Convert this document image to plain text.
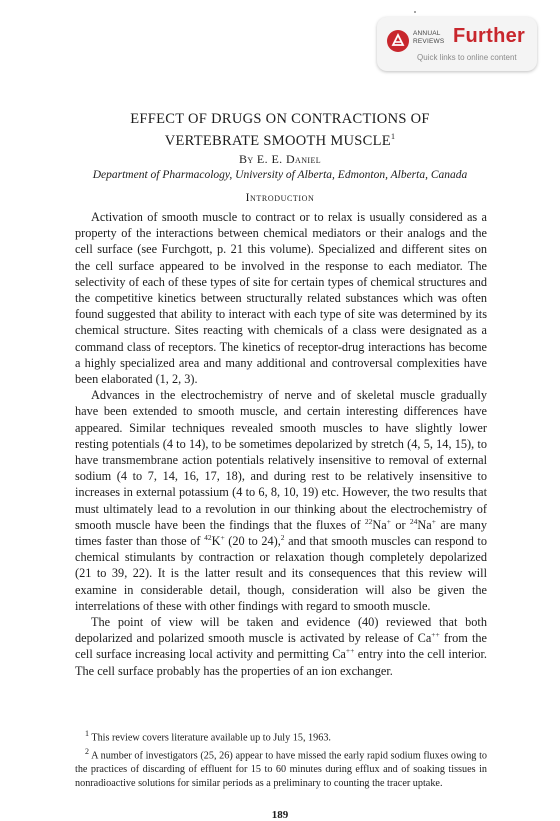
ANNUAL
REVIEWS Further
Quick links to online content
EFFECT OF DRUGS ON CONTRACTIONS OF
VERTEBRATE SMOOTH MUSCLE$^1$
By E. E. Daniel
Department of Pharmacology, University of Alberta, Edmonton, Alberta, Canada
Introduction

Activation of smooth muscle to contract or to relax is usually considered as a property of the interactions between chemical mediators or their analogs and the cell surface (see Furchgott, p. 21 this volume). Specialized and different sites on the cell surface appeared to be involved in the response to each mediator. The selectivity of each of these types of site for certain types of chemical structures and the competitive kinetics between structurally related substances which was often found suggested that ability to interact with each type of site was determined by its chemical structure. Sites reacting with chemicals of a class were designated as a command class of receptors. The kinetics of receptor-drug interactions has become a highly specialized area and many additional and controversal complexities have been elaborated (1, 2, 3).

Advances in the electrochemistry of nerve and of skeletal muscle gradually have been extended to smooth muscle, and certain interesting differences have appeared. Similar techniques revealed smooth muscles to have slightly lower resting potentials (4 to 14), to be sometimes depolarized by stretch (4, 5, 14, 15), to have transmembrane action potentials relatively insensitive to removal of external sodium (4 to 7, 14, 16, 17, 18), and during rest to be relatively insensitive to increases in external potassium (4 to 6, 8, 10, 19) etc. However, the two results that must ultimately lead to a revolution in our thinking about the electrochemistry of smooth muscle have been the findings that the fluxes of $^{22}$Na+ or $^{24}$Na+ are many times faster than those of $^{42}$K+ (20 to 24),$^2$ and that smooth muscles can respond to chemical stimulants by contraction or relaxation though completely depolarized (21 to 39, 22). It is the latter result and its consequences that this review will examine in considerable detail, though, consideration will also be given the interrelations of these with other findings with regard to smooth muscle.

The point of view will be taken and evidence (40) reviewed that both depolarized and polarized smooth muscle is activated by release of Ca++ from the cell surface increasing local activity and permitting Ca++ entry into the cell interior. The cell surface probably has the properties of an ion exchanger.

$^1$ This review covers literature available up to July 15, 1963.

$^2$ A number of investigators (25, 26) appear to have missed the early rapid sodium fluxes owing to the practices of discarding of effluent for 15 to 60 minutes during efflux and of soaking tissues in nonradioactive solutions for similar periods as a preliminary to counting the tracer uptake.

189
